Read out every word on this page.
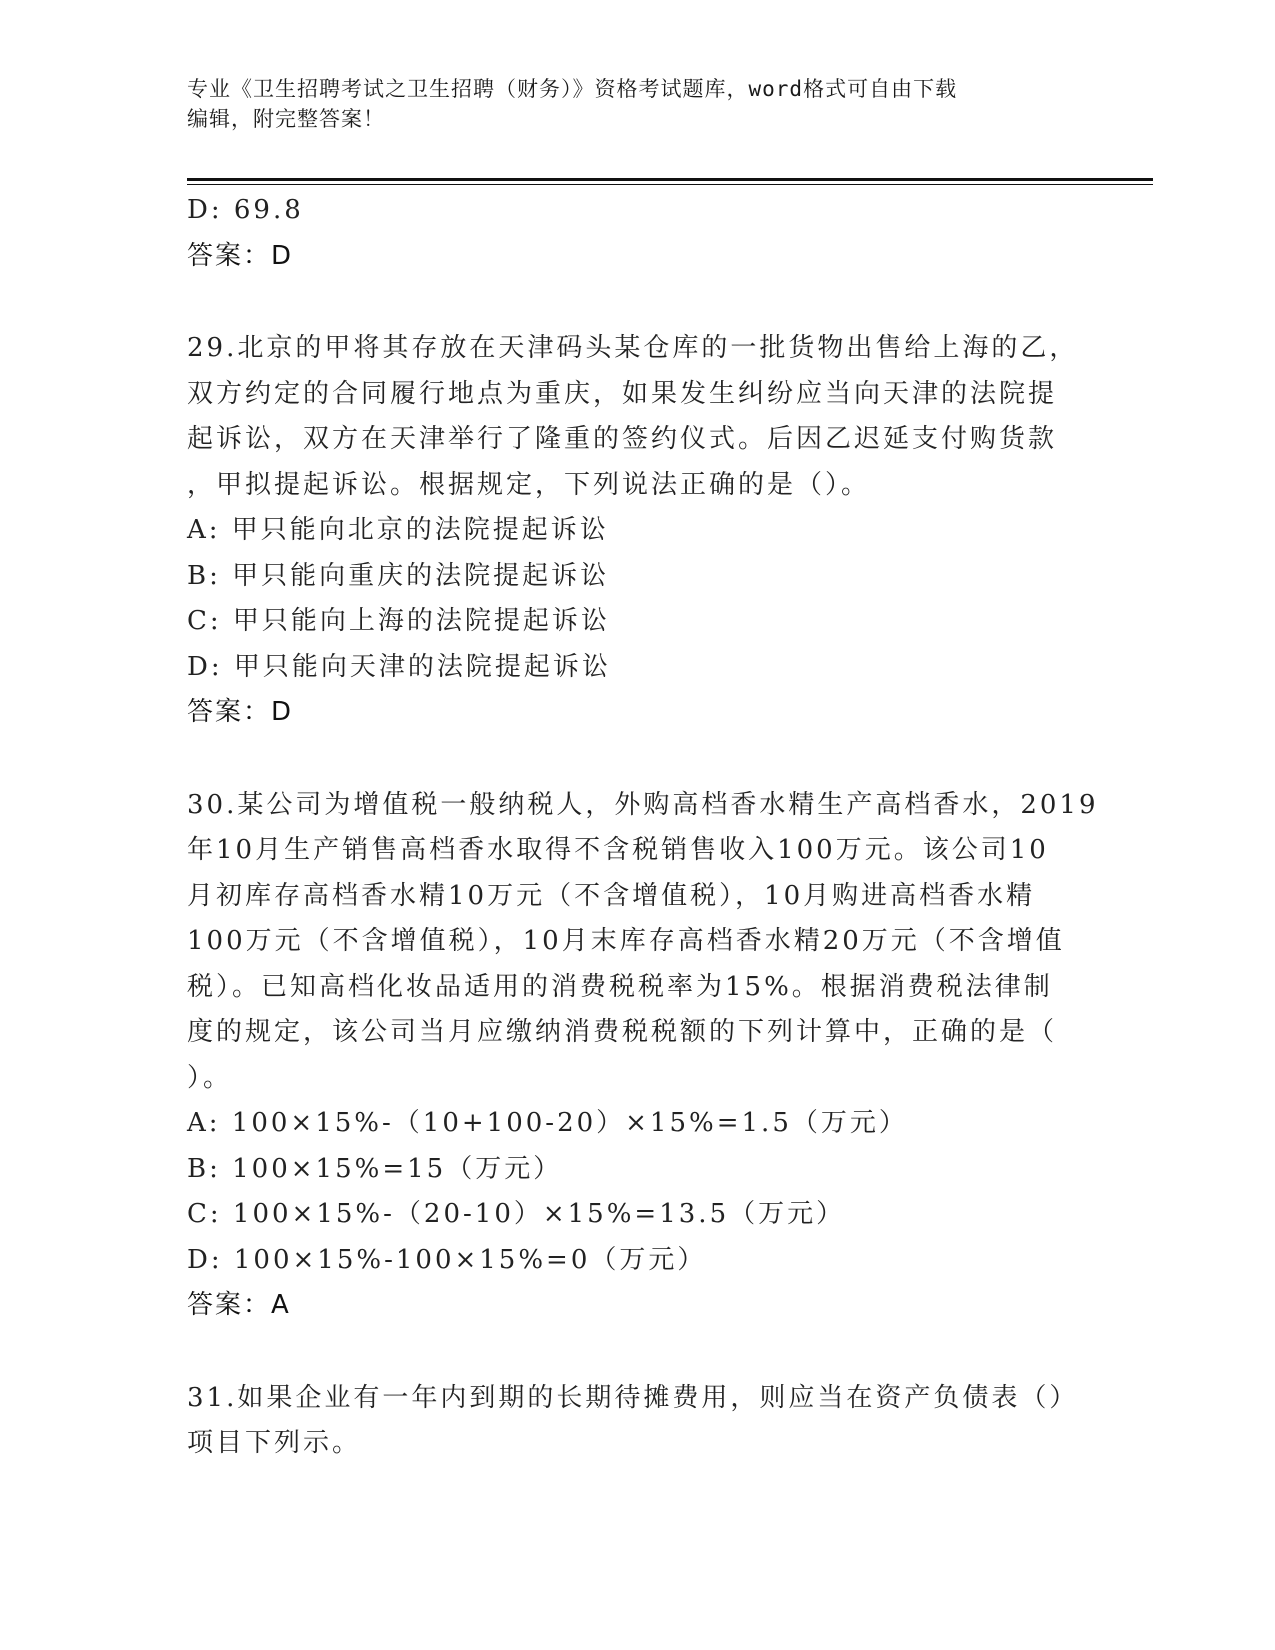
专业《卫生招聘考试之卫生招聘（财务）》资格考试题库，word格式可自由下载
编辑，附完整答案！
D: 69.8
答案：D
29.北京的甲将其存放在天津码头某仓库的一批货物出售给上海的乙，
双方约定的合同履行地点为重庆，如果发生纠纷应当向天津的法院提
起诉讼，双方在天津举行了隆重的签约仪式。后因乙迟延支付购货款
，甲拟提起诉讼。根据规定，下列说法正确的是（）。
A: 甲只能向北京的法院提起诉讼
B: 甲只能向重庆的法院提起诉讼
C: 甲只能向上海的法院提起诉讼
D: 甲只能向天津的法院提起诉讼
答案：D
30.某公司为增值税一般纳税人，外购高档香水精生产高档香水，2019
年10月生产销售高档香水取得不含税销售收入100万元。该公司10
月初库存高档香水精10万元（不含增值税），10月购进高档香水精
100万元（不含增值税），10月末库存高档香水精20万元（不含增值
税）。已知高档化妆品适用的消费税税率为15%。根据消费税法律制
度的规定，该公司当月应缴纳消费税税额的下列计算中，正确的是（
）。
A: 100×15%-（10+100-20）×15%=1.5（万元）
B: 100×15%=15（万元）
C: 100×15%-（20-10）×15%=13.5（万元）
D: 100×15%-100×15%=0（万元）
答案：A
31.如果企业有一年内到期的长期待摊费用，则应当在资产负债表（）
项目下列示。
